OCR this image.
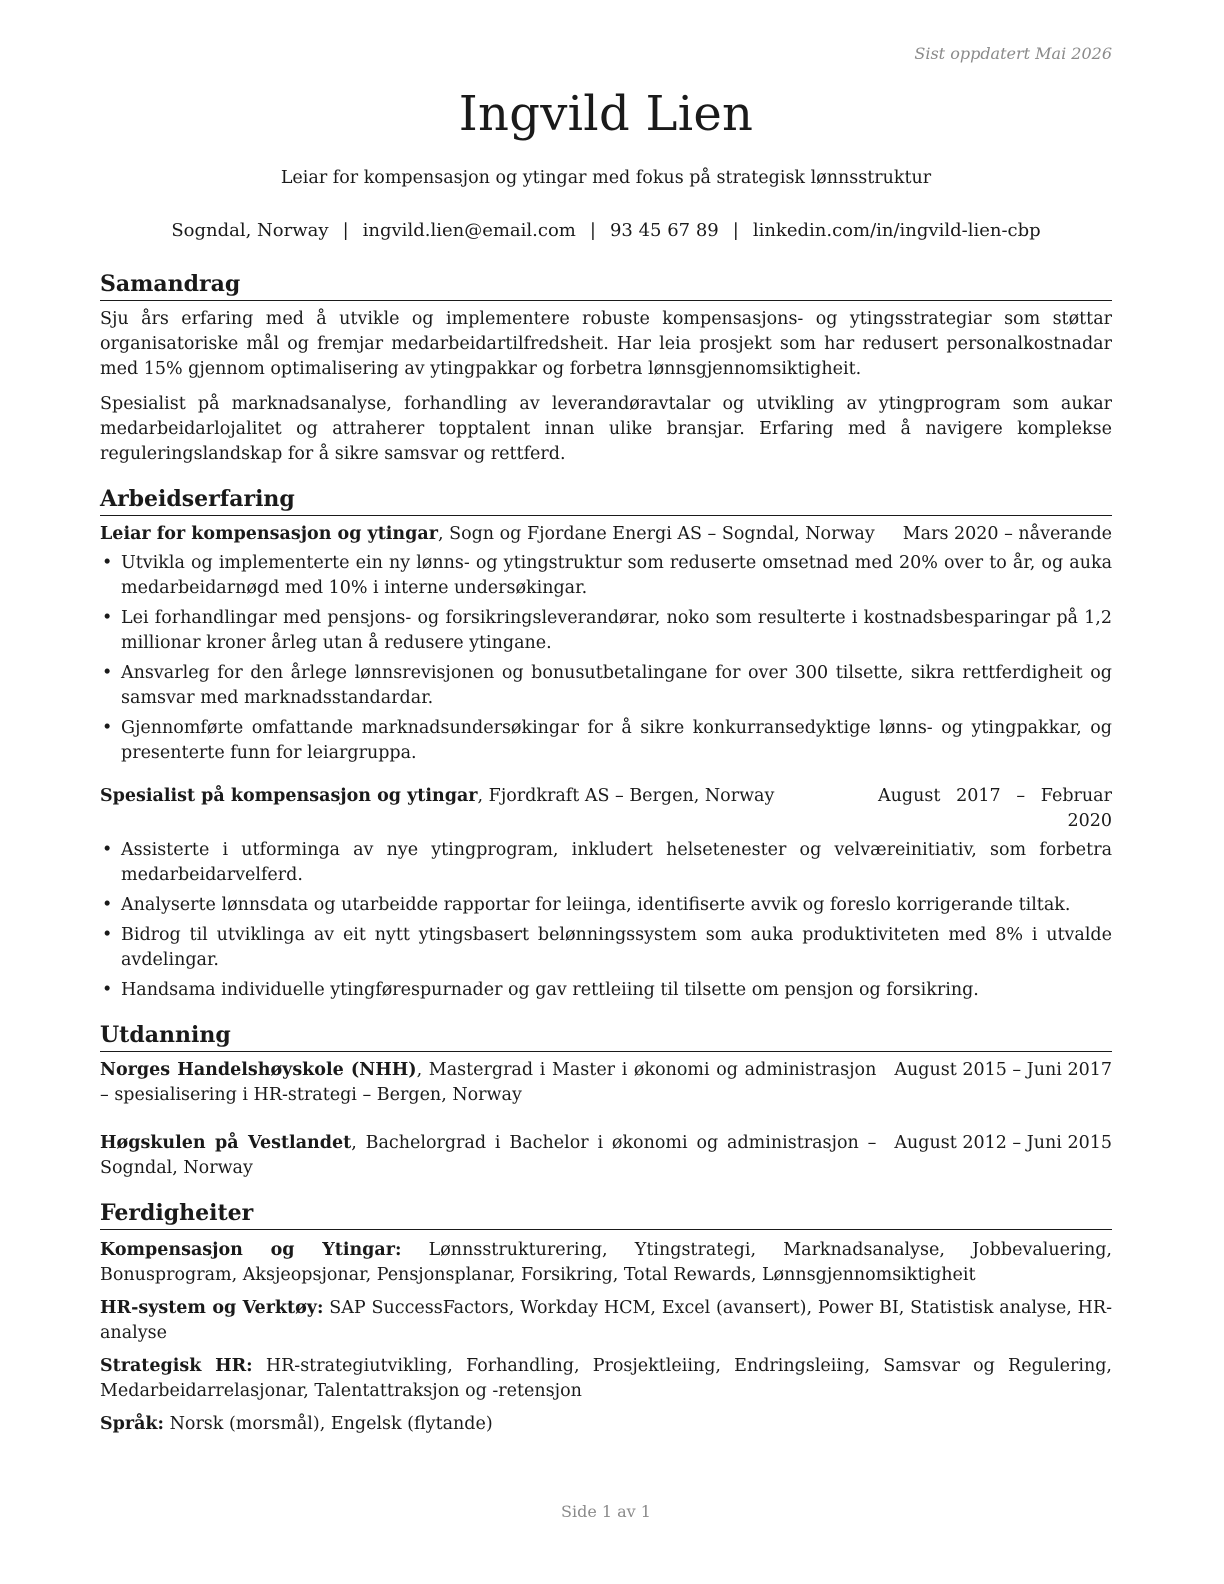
Sist oppdatert Mai 2026
Ingvild Lien
Leiar for kompensasjon og ytingar med fokus på strategisk lønnsstruktur
Sogndal, Norway | ingvild.lien@email.com | 93 45 67 89 | linkedin.com/in/ingvild-lien-cbp
Samandrag

Sju års erfaring med å utvikle og implementere robuste kompensasjons- og ytingsstrategiar som støttar organisatoriske mål og fremjar medarbeidartilfredsheit. Har leia prosjekt som har redusert personalkostnadar med 15% gjennom optimalisering av ytingpakkar og forbetra lønnsgjennomsiktigheit.

Spesialist på marknadsanalyse, forhandling av leverandøravtalar og utvikling av ytingprogram som aukar medarbeidarlojalitet og attraherer topptalent innan ulike bransjar. Erfaring med å navigere komplekse reguleringslandskap for å sikre samsvar og rettferd.

Arbeidserfaring
Leiar for kompensasjon og ytingar, Sogn og Fjordane Energi AS – Sogndal, Norway	Mars 2020 – nåverande
• Utvikla og implementerte ein ny lønns- og ytingstruktur som reduserte omsetnad med 20% over to år, og auka medarbeidarnøgd med 10% i interne undersøkingar.
• Lei forhandlingar med pensjons- og forsikringsleverandørar, noko som resulterte i kostnadsbesparingar på 1,2 millionar kroner årleg utan å redusere ytingane.
• Ansvarleg for den årlege lønnsrevisjonen og bonusutbetalingane for over 300 tilsette, sikra rettferdigheit og samsvar med marknadsstandardar.
• Gjennomførte omfattande marknadsundersøkingar for å sikre konkurransedyktige lønns- og ytingpakkar, og presenterte funn for leiargruppa.
Spesialist på kompensasjon og ytingar, Fjordkraft AS – Bergen, Norway	August 2017 – Februar 2020
• Assisterte i utforminga av nye ytingprogram, inkludert helsetenester og velværeinitiativ, som forbetra medarbeidarvelferd.
• Analyserte lønnsdata og utarbeidde rapportar for leiinga, identifiserte avvik og foreslo korrigerande tiltak.
• Bidrog til utviklinga av eit nytt ytingsbasert belønningssystem som auka produktiviteten med 8% i utvalde avdelingar.
• Handsama individuelle ytingførespurnader og gav rettleiing til tilsette om pensjon og forsikring.
Utdanning
Norges Handelshøyskole (NHH), Mastergrad i Master i økonomi og administrasjon – spesialisering i HR-strategi – Bergen, Norway
August 2015 – Juni 2017
Høgskulen på Vestlandet, Bachelorgrad i Bachelor i økonomi og administrasjon – Sogndal, Norway
August 2012 – Juni 2015
Ferdigheiter
Kompensasjon og Ytingar: Lønnsstrukturering, Ytingstrategi, Marknadsanalyse, Jobbevaluering, Bonusprogram, Aksjeopsjonar, Pensjonsplanar, Forsikring, Total Rewards, Lønnsgjennomsiktigheit
HR-system og Verktøy: SAP SuccessFactors, Workday HCM, Excel (avansert), Power BI, Statistisk analyse, HR-analyse
Strategisk HR: HR-strategiutvikling, Forhandling, Prosjektleiing, Endringsleiing, Samsvar og Regulering, Medarbeidarrelasjonar, Talentattraksjon og -retensjon
Språk: Norsk (morsmål), Engelsk (flytande)
Side 1 av 1
